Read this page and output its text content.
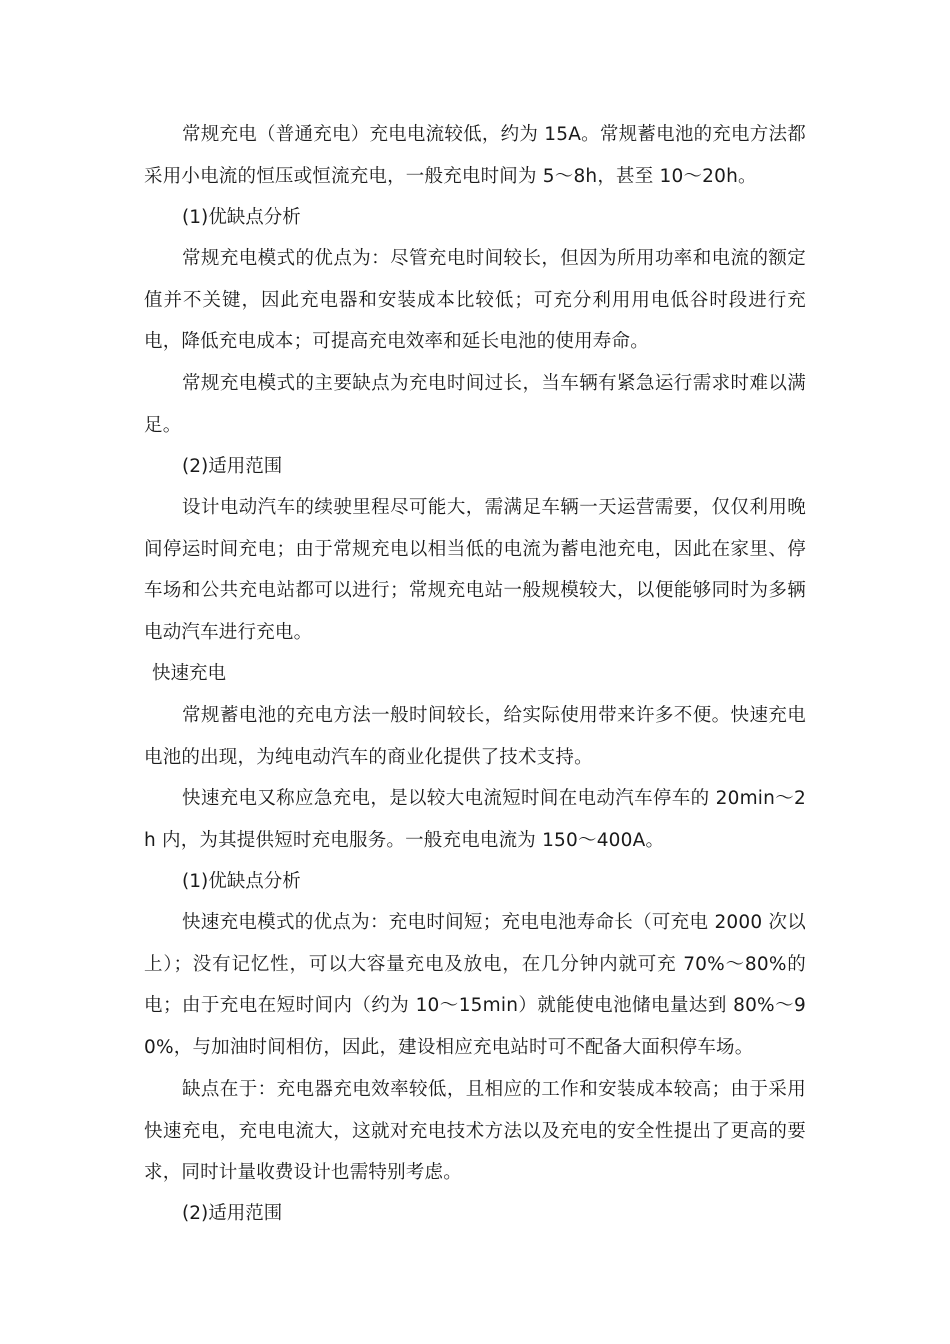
常规充电（普通充电）充电电流较低，约为 15A。常规蓄电池的充电方法都采用小电流的恒压或恒流充电，一般充电时间为 5～8h，甚至 10～20h。

(1)优缺点分析

常规充电模式的优点为：尽管充电时间较长，但因为所用功率和电流的额定值并不关键，因此充电器和安装成本比较低；可充分利用用电低谷时段进行充电，降低充电成本；可提高充电效率和延长电池的使用寿命。

常规充电模式的主要缺点为充电时间过长，当车辆有紧急运行需求时难以满足。

(2)适用范围

设计电动汽车的续驶里程尽可能大，需满足车辆一天运营需要，仅仅利用晚间停运时间充电；由于常规充电以相当低的电流为蓄电池充电，因此在家里、停车场和公共充电站都可以进行；常规充电站一般规模较大，以便能够同时为多辆电动汽车进行充电。

快速充电

常规蓄电池的充电方法一般时间较长，给实际使用带来许多不便。快速充电电池的出现，为纯电动汽车的商业化提供了技术支持。

快速充电又称应急充电，是以较大电流短时间在电动汽车停车的 20min～2h 内，为其提供短时充电服务。一般充电电流为 150～400A。

(1)优缺点分析

快速充电模式的优点为：充电时间短；充电电池寿命长（可充电 2000 次以上）；没有记忆性，可以大容量充电及放电，在几分钟内就可充 70%～80%的电；由于充电在短时间内（约为 10～15min）就能使电池储电量达到 80%～90%，与加油时间相仿，因此，建设相应充电站时可不配备大面积停车场。

缺点在于：充电器充电效率较低，且相应的工作和安装成本较高；由于采用快速充电，充电电流大，这就对充电技术方法以及充电的安全性提出了更高的要求，同时计量收费设计也需特别考虑。

(2)适用范围
